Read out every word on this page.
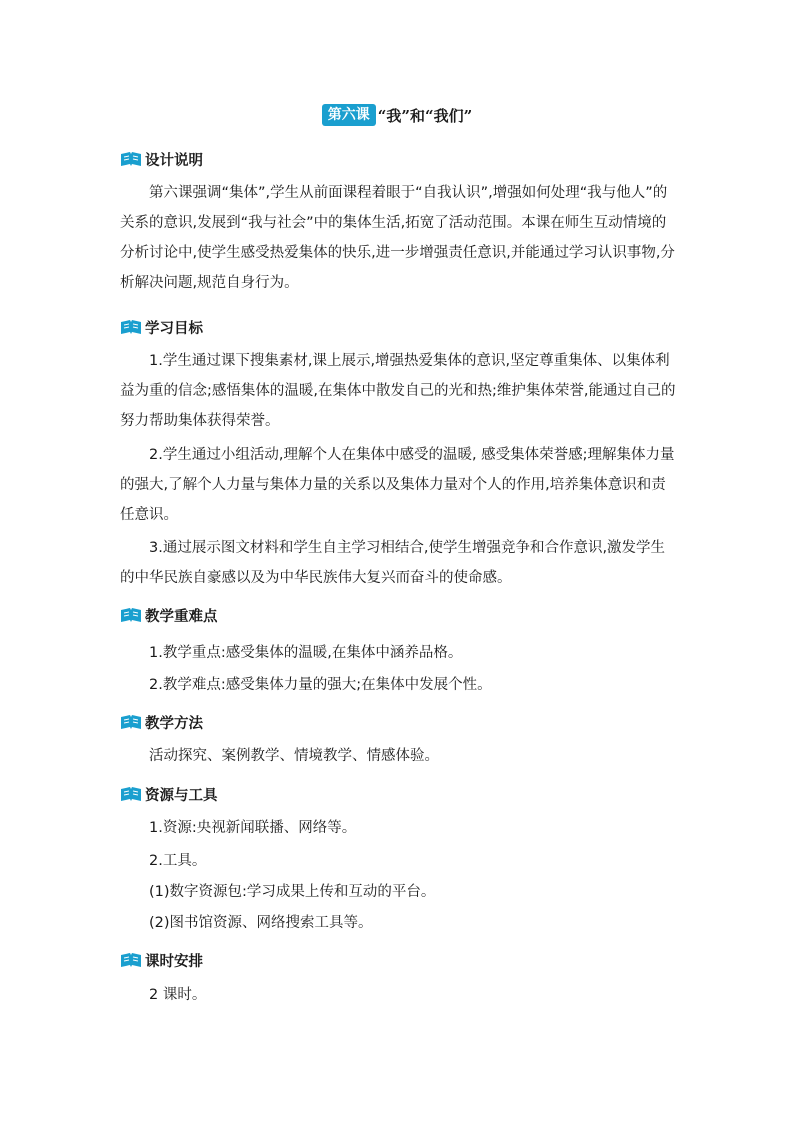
第六课 “我”和“我们”
设计说明
第六课强调“集体”,学生从前面课程着眼于“自我认识”,增强如何处理“我与他人”的关系的意识,发展到“我与社会”中的集体生活,拓宽了活动范围。本课在师生互动情境的分析讨论中,使学生感受热爱集体的快乐,进一步增强责任意识,并能通过学习认识事物,分析解决问题,规范自身行为。
学习目标
1.学生通过课下搜集素材,课上展示,增强热爱集体的意识,坚定尊重集体、以集体利益为重的信念;感悟集体的温暖,在集体中散发自己的光和热;维护集体荣誉,能通过自己的努力帮助集体获得荣誉。
2.学生通过小组活动,理解个人在集体中感受的温暖, 感受集体荣誉感;理解集体力量的强大,了解个人力量与集体力量的关系以及集体力量对个人的作用,培养集体意识和责任意识。
3.通过展示图文材料和学生自主学习相结合,使学生增强竞争和合作意识,激发学生的中华民族自豪感以及为中华民族伟大复兴而奋斗的使命感。
教学重难点
1.教学重点:感受集体的温暖,在集体中涵养品格。
2.教学难点:感受集体力量的强大;在集体中发展个性。
教学方法
活动探究、案例教学、情境教学、情感体验。
资源与工具
1.资源:央视新闻联播、网络等。
2.工具。
(1)数字资源包:学习成果上传和互动的平台。
(2)图书馆资源、网络搜索工具等。
课时安排
2 课时。
